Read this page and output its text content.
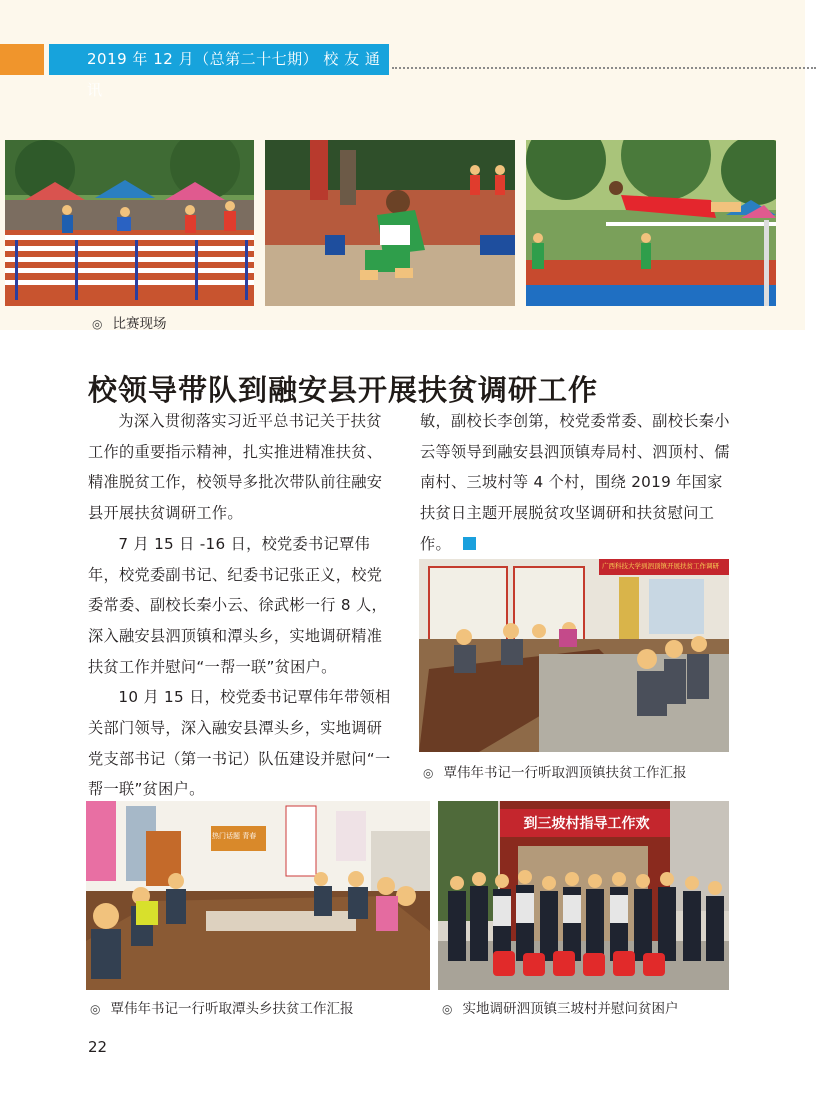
2019 年 12 月（总第二十七期） 校 友 通 讯
◎ 比赛现场
校领导带队到融安县开展扶贫调研工作

为深入贯彻落实习近平总书记关于扶贫工作的重要指示精神，扎实推进精准扶贫、精准脱贫工作，校领导多批次带队前往融安县开展扶贫调研工作。

7 月 15 日 -16 日，校党委书记覃伟年，校党委副书记、纪委书记张正义，校党委常委、副校长秦小云、徐武彬一行 8 人，深入融安县泗顶镇和潭头乡，实地调研精准扶贫工作并慰问“一帮一联”贫困户。

10 月 15 日，校党委书记覃伟年带领相关部门领导，深入融安县潭头乡，实地调研党支部书记（第一书记）队伍建设并慰问“一帮一联”贫困户。

敏，副校长李创第，校党委常委、副校长秦小云等领导到融安县泗顶镇寿局村、泗顶村、儒南村、三坡村等 4 个村，围绕 2019 年国家扶贫日主题开展脱贫攻坚调研和扶贫慰问工作。

广西科技大学到泗顶镇开展扶贫工作调研
◎ 覃伟年书记一行听取泗顶镇扶贫工作汇报
热门话题 青春
◎ 覃伟年书记一行听取潭头乡扶贫工作汇报
到三坡村指导工作欢
◎ 实地调研泗顶镇三坡村并慰问贫困户
22
